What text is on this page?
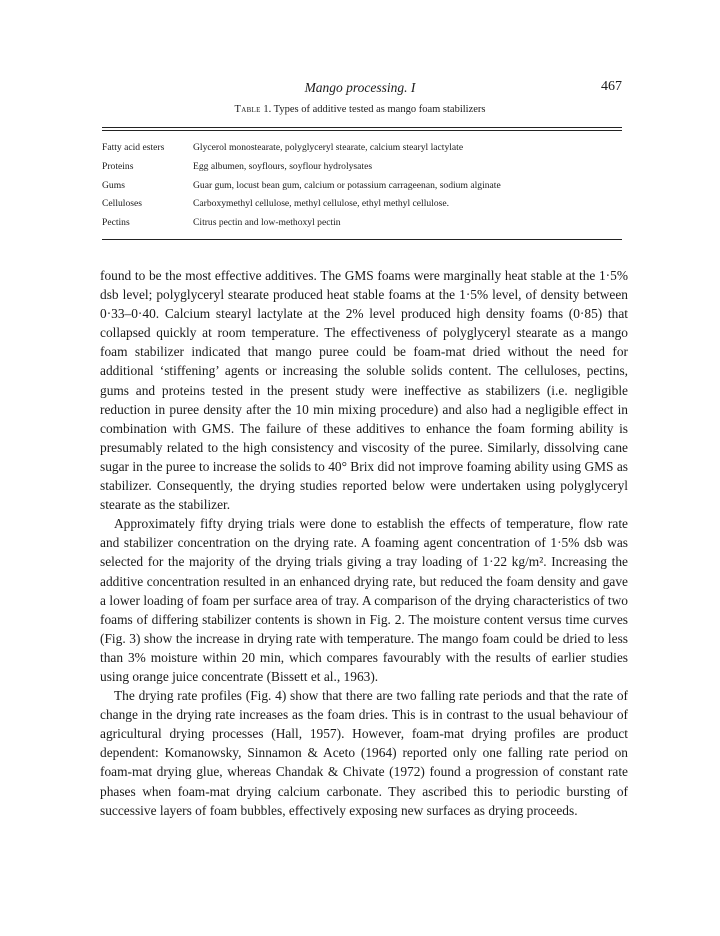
Mango processing. I	467
Table 1. Types of additive tested as mango foam stabilizers
Fatty acid esters	Glycerol monostearate, polyglyceryl stearate, calcium stearyl lactylate
Proteins	Egg albumen, soyflours, soyflour hydrolysates
Gums	Guar gum, locust bean gum, calcium or potassium carrageenan, sodium alginate
Celluloses	Carboxymethyl cellulose, methyl cellulose, ethyl methyl cellulose.
Pectins	Citrus pectin and low-methoxyl pectin

found to be the most effective additives. The GMS foams were marginally heat stable at the 1·5% dsb level; polyglyceryl stearate produced heat stable foams at the 1·5% level, of density between 0·33–0·40. Calcium stearyl lactylate at the 2% level produced high density foams (0·85) that collapsed quickly at room temperature. The effectiveness of polyglyceryl stearate as a mango foam stabilizer indicated that mango puree could be foam-mat dried without the need for additional ‘stiffening’ agents or increasing the soluble solids content. The celluloses, pectins, gums and proteins tested in the present study were ineffective as stabilizers (i.e. negligible reduction in puree density after the 10 min mixing procedure) and also had a negligible effect in combination with GMS. The failure of these additives to enhance the foam forming ability is presumably related to the high consistency and viscosity of the puree. Similarly, dissolving cane sugar in the puree to increase the solids to 40° Brix did not improve foaming ability using GMS as stabilizer. Consequently, the drying studies reported below were undertaken using polyglyceryl stearate as the stabilizer.

Approximately fifty drying trials were done to establish the effects of temperature, flow rate and stabilizer concentration on the drying rate. A foaming agent concentration of 1·5% dsb was selected for the majority of the drying trials giving a tray loading of 1·22 kg/m². Increasing the additive concentration resulted in an enhanced drying rate, but reduced the foam density and gave a lower loading of foam per surface area of tray. A comparison of the drying characteristics of two foams of differing stabilizer contents is shown in Fig. 2. The moisture content versus time curves (Fig. 3) show the increase in drying rate with temperature. The mango foam could be dried to less than 3% moisture within 20 min, which compares favourably with the results of earlier studies using orange juice concentrate (Bissett et al., 1963).

The drying rate profiles (Fig. 4) show that there are two falling rate periods and that the rate of change in the drying rate increases as the foam dries. This is in contrast to the usual behaviour of agricultural drying processes (Hall, 1957). However, foam-mat drying profiles are product dependent: Komanowsky, Sinnamon & Aceto (1964) reported only one falling rate period on foam-mat drying glue, whereas Chandak & Chivate (1972) found a progression of constant rate phases when foam-mat drying calcium carbonate. They ascribed this to periodic bursting of successive layers of foam bubbles, effectively exposing new surfaces as drying proceeds.
